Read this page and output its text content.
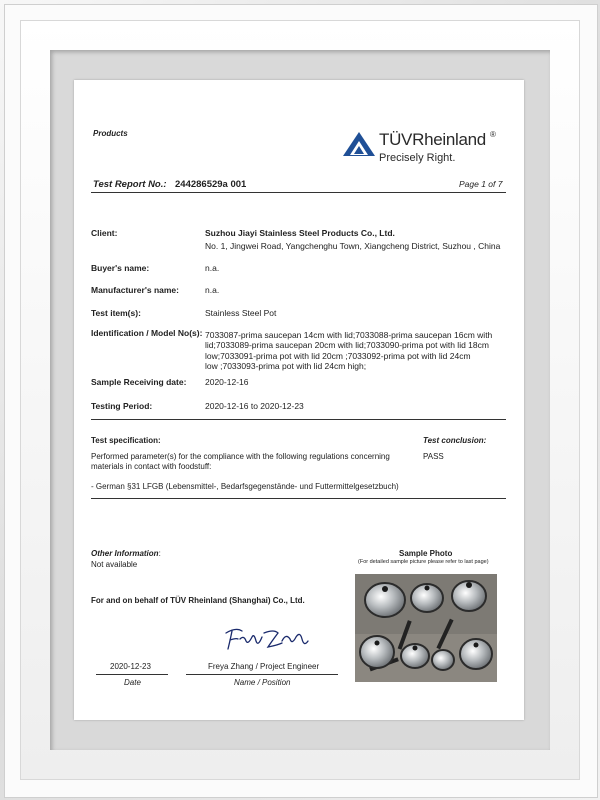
Products	TÜVRheinland ®
Precisely Right.
Test Report No.: 244286529a 001	Page 1 of 7
Client:	Suzhou Jiayi Stainless Steel Products Co., Ltd.
No. 1, Jingwei Road, Yangchenghu Town, Xiangcheng District, Suzhou , China
Buyer's name:	n.a.
Manufacturer's name:	n.a.
Test item(s):	Stainless Steel Pot
Identification / Model No(s): 7033087-prima saucepan 14cm with lid;7033088-prima saucepan 16cm with
lid;7033089-prima saucepan 20cm with lid;7033090-prima pot with lid 18cm
low;7033091-prima pot with lid 20cm ;7033092-prima pot with lid 24cm
low ;7033093-prima pot with lid 24cm high;
Sample Receiving date: 2020-12-16
Testing Period:	2020-12-16 to 2020-12-23
Test specification:	Test conclusion:
Performed parameter(s) for the compliance with the following regulations concerning
materials in contact with foodstuff:
PASS
- German §31 LFGB (Lebensmittel-, Bedarfsgegenstände- und Futtermittelgesetzbuch)
Other Information:
Not available
Sample Photo
(For detailed sample picture please refer to last page)
For and on behalf of TÜV Rheinland (Shanghai) Co., Ltd.
2020-12-23	Freya Zhang / Project Engineer
Date	Name / Position
